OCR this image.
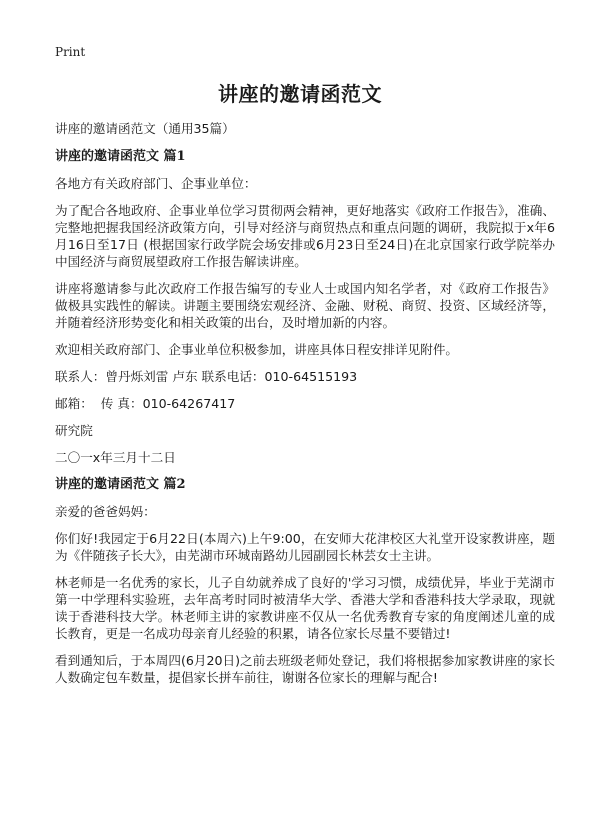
Print
讲座的邀请函范文

讲座的邀请函范文（通用35篇）

讲座的邀请函范文 篇1

各地方有关政府部门、企事业单位：

为了配合各地政府、企事业单位学习贯彻两会精神，更好地落实《政府工作报告》，准确、完整地把握我国经济政策方向，引导对经济与商贸热点和重点问题的调研，我院拟于x年6月16日至17日 (根据国家行政学院会场安排或6月23日至24日)在北京国家行政学院举办中国经济与商贸展望政府工作报告解读讲座。

讲座将邀请参与此次政府工作报告编写的专业人士或国内知名学者，对《政府工作报告》做极具实践性的解读。讲题主要围绕宏观经济、金融、财税、商贸、投资、区域经济等，并随着经济形势变化和相关政策的出台，及时增加新的内容。

欢迎相关政府部门、企事业单位积极参加，讲座具体日程安排详见附件。

联系人：曾丹烁刘雷 卢东 联系电话：010-64515193

邮箱：  传 真：010-64267417

研究院

二〇一x年三月十二日

讲座的邀请函范文 篇2

亲爱的爸爸妈妈：

你们好!我园定于6月22日(本周六)上午9:00，在安师大花津校区大礼堂开设家教讲座，题为《伴随孩子长大》，由芜湖市环城南路幼儿园副园长林芸女士主讲。

林老师是一名优秀的家长，儿子自幼就养成了良好的'学习习惯，成绩优异，毕业于芜湖市第一中学理科实验班，去年高考时同时被清华大学、香港大学和香港科技大学录取，现就读于香港科技大学。林老师主讲的家教讲座不仅从一名优秀教育专家的角度阐述儿童的成长教育，更是一名成功母亲育儿经验的积累，请各位家长尽量不要错过!

看到通知后，于本周四(6月20日)之前去班级老师处登记，我们将根据参加家教讲座的家长人数确定包车数量，提倡家长拼车前往，谢谢各位家长的理解与配合!
